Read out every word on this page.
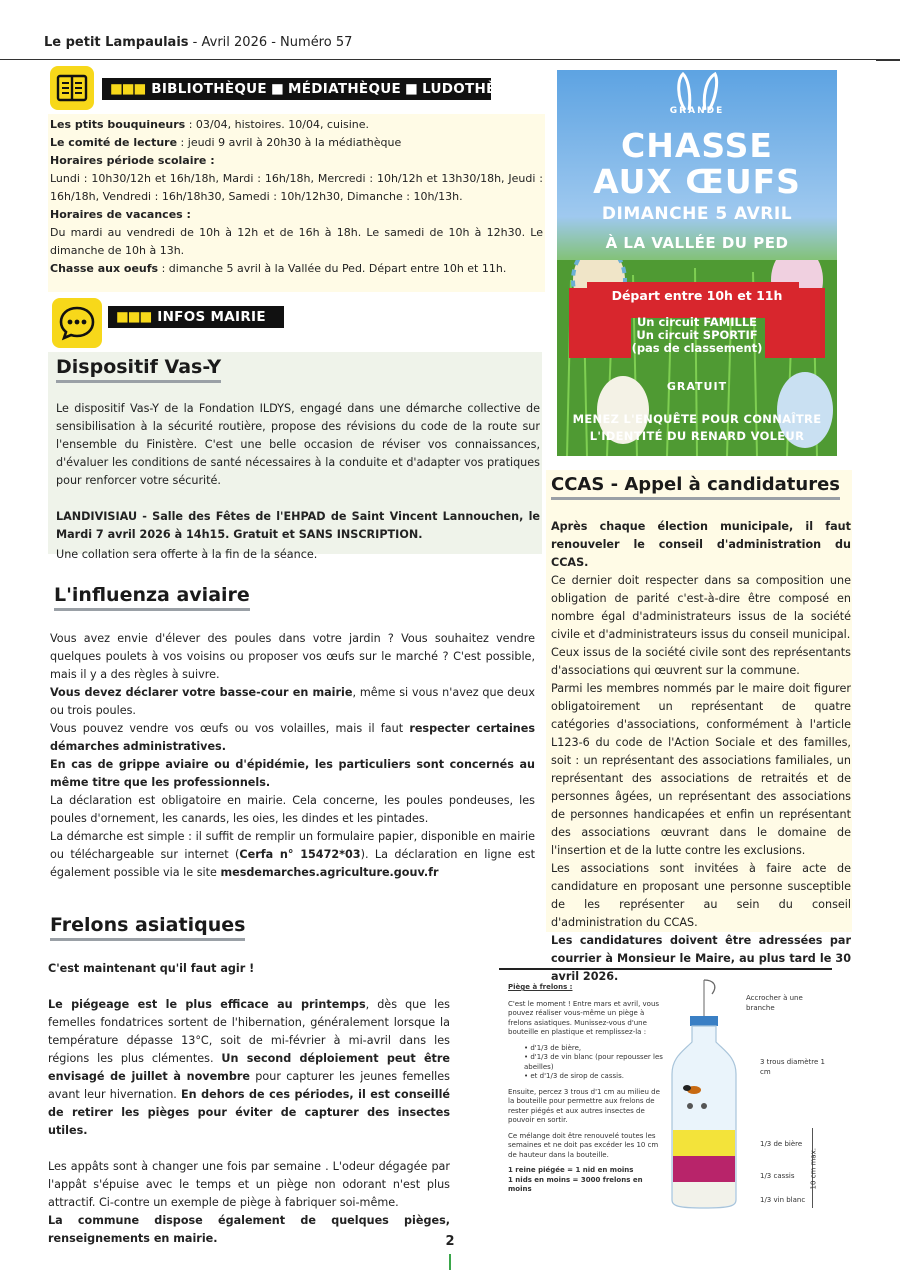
Le petit Lampaulais - Avril 2026 - Numéro 57
■■■ BIBLIOTHÈQUE ■ MÉDIATHÈQUE ■ LUDOTHÈQUE

Les ptits bouquineurs : 03/04, histoires. 10/04, cuisine.
Le comité de lecture : jeudi 9 avril à 20h30 à la médiathèque
Horaires période scolaire :
Lundi : 10h30/12h et 16h/18h, Mardi : 16h/18h, Mercredi : 10h/12h et 13h30/18h, Jeudi : 16h/18h, Vendredi : 16h/18h30, Samedi : 10h/12h30, Dimanche : 10h/13h.
Horaires de vacances :
Du mardi au vendredi de 10h à 12h et de 16h à 18h. Le samedi de 10h à 12h30. Le dimanche de 10h à 13h.
Chasse aux oeufs : dimanche 5 avril à la Vallée du Ped. Départ entre 10h et 11h.

■■■ INFOS MAIRIE
Dispositif Vas-Y

Le dispositif Vas-Y de la Fondation ILDYS, engagé dans une démarche collective de sensibilisation à la sécurité routière, propose des révisions du code de la route sur l'ensemble du Finistère. C'est une belle occasion de réviser vos connaissances, d'évaluer les conditions de santé nécessaires à la conduite et d'adapter vos pratiques pour renforcer votre sécurité.

LANDIVISIAU - Salle des Fêtes de l'EHPAD de Saint Vincent Lannouchen, le Mardi 7 avril 2026 à 14h15. Gratuit et SANS INSCRIPTION.

Une collation sera offerte à la fin de la séance.

L'influenza aviaire

Vous avez envie d'élever des poules dans votre jardin ? Vous souhaitez vendre quelques poulets à vos voisins ou proposer vos œufs sur le marché ? C'est possible, mais il y a des règles à suivre.

Vous devez déclarer votre basse-cour en mairie, même si vous n'avez que deux ou trois poules.

Vous pouvez vendre vos œufs ou vos volailles, mais il faut respecter certaines démarches administratives.

En cas de grippe aviaire ou d'épidémie, les particuliers sont concernés au même titre que les professionnels.

La déclaration est obligatoire en mairie. Cela concerne, les poules pondeuses, les poules d'ornement, les canards, les oies, les dindes et les pintades.

La démarche est simple : il suffit de remplir un formulaire papier, disponible en mairie ou téléchargeable sur internet (Cerfa n° 15472*03). La déclaration en ligne est également possible via le site mesdemarches.agriculture.gouv.fr

Frelons asiatiques

C'est maintenant qu'il faut agir !

Le piégeage est le plus efficace au printemps, dès que les femelles fondatrices sortent de l'hibernation, généralement lorsque la température dépasse 13°C, soit de mi-février à mi-avril dans les régions les plus clémentes. Un second déploiement peut être envisagé de juillet à novembre pour capturer les jeunes femelles avant leur hivernation. En dehors de ces périodes, il est conseillé de retirer les pièges pour éviter de capturer des insectes utiles.

Les appâts sont à changer une fois par semaine . L'odeur dégagée par l'appât s'épuise avec le temps et un piège non odorant n'est plus attractif. Ci-contre un exemple de piège à fabriquer soi-même.

La commune dispose également de quelques pièges, renseignements en mairie.

GRANDE
CHASSE
AUX ŒUFS
DIMANCHE 5 AVRIL
À LA VALLÉE DU PED
Départ entre 10h et 11h
Un circuit FAMILLE
Un circuit SPORTIF
(pas de classement)
GRATUIT
MENEZ L'ENQUÊTE POUR CONNAÎTRE
L'IDENTITÉ DU RENARD VOLEUR
CCAS - Appel à candidatures

Après chaque élection municipale, il faut renouveler le conseil d'administration du CCAS.

Ce dernier doit respecter dans sa composition une obligation de parité c'est-à-dire être composé en nombre égal d'administrateurs issus de la société civile et d'administrateurs issus du conseil municipal.

Ceux issus de la société civile sont des représentants d'associations qui œuvrent sur la commune.

Parmi les membres nommés par le maire doit figurer obligatoirement un représentant de quatre catégories d'associations, conformément à l'article L123-6 du code de l'Action Sociale et des familles, soit : un représentant des associations familiales, un représentant des associations de retraités et de personnes âgées, un représentant des associations de personnes handicapées et enfin un représentant des associations œuvrant dans le domaine de l'insertion et de la lutte contre les exclusions.

Les associations sont invitées à faire acte de candidature en proposant une personne susceptible de les représenter au sein du conseil d'administration du CCAS.

Les candidatures doivent être adressées par courrier à Monsieur le Maire, au plus tard le 30 avril 2026.

Piège à frelons :
C'est le moment ! Entre mars et avril, vous pouvez réaliser vous-même un piège à frelons asiatiques. Munissez-vous d'une bouteille en plastique et remplissez-la :
• d'1/3 de bière,
• d'1/3 de vin blanc (pour repousser les abeilles)
• et d'1/3 de sirop de cassis.
Ensuite, percez 3 trous d'1 cm au milieu de la bouteille pour permettre aux frelons de rester piégés et aux autres insectes de pouvoir en sortir.
Ce mélange doit être renouvelé toutes les semaines et ne doit pas excéder les 10 cm de hauteur dans la bouteille.
1 reine piégée = 1 nid en moins
1 nids en moins = 3000 frelons en moins
Accrocher à une branche
3 trous diamètre 1 cm
1/3 de bière
1/3 cassis
1/3 vin blanc
10 cm max.
2
